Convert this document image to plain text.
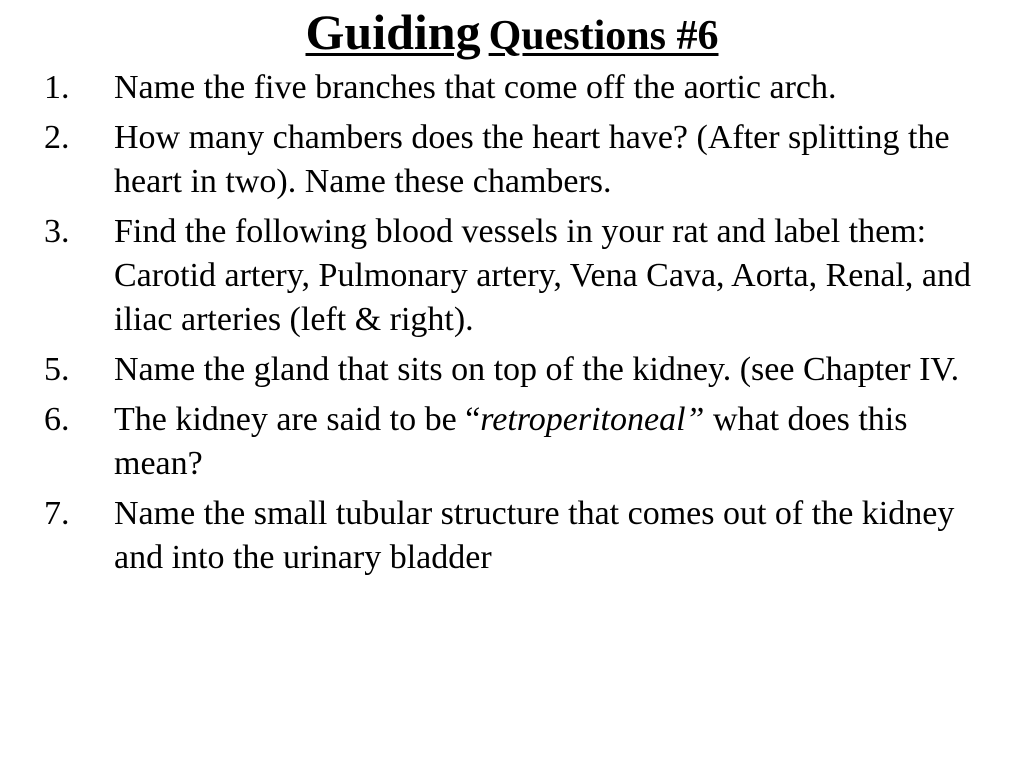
Guiding Questions #6
1. Name the five branches that come off the aortic arch.
2. How many chambers does the heart have? (After splitting the heart in two). Name these chambers.
3. Find the following blood vessels in your rat and label them: Carotid artery, Pulmonary artery, Vena Cava, Aorta, Renal, and iliac arteries (left & right).
5. Name the gland that sits on top of the kidney. (see Chapter IV.
6. The kidney are said to be “retroperitoneal” what does this mean?
7. Name the small tubular structure that comes out of the kidney and into the urinary bladder
